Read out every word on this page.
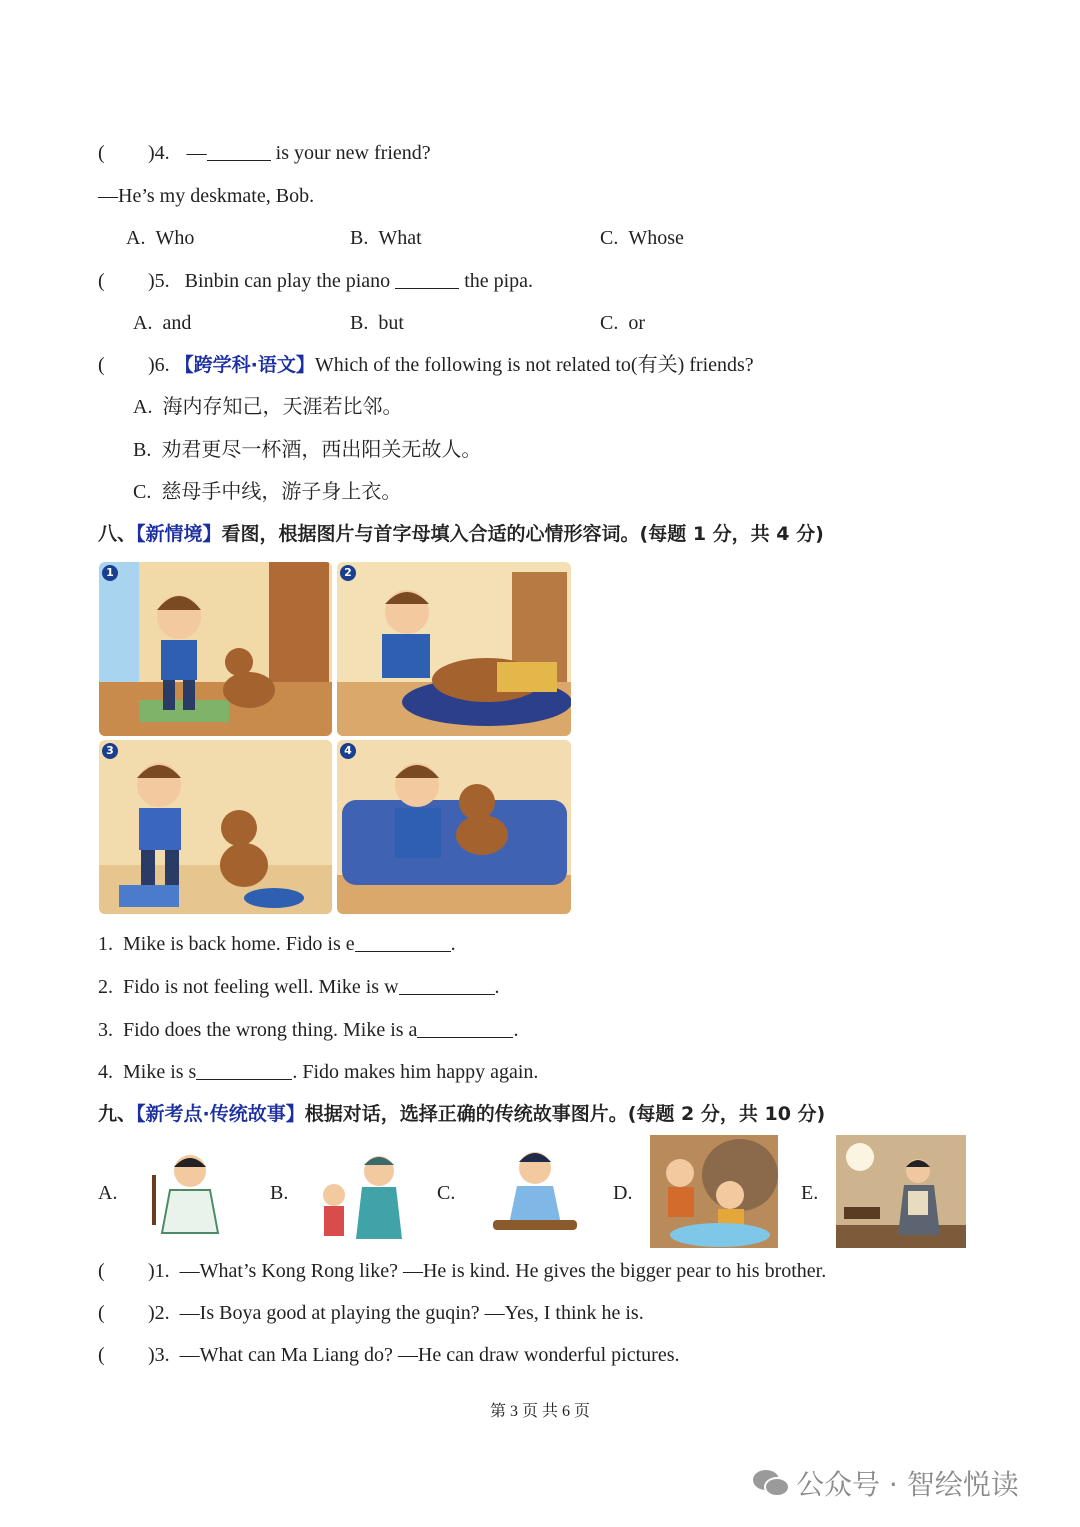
( )4. —	is your new friend?
—He’s my deskmate, Bob.
A. Who	B. What	C. Whose
( )5. Binbin can play the piano	the pipa.
A. and	B. but	C. or
( )6. 【跨学科·语文】Which of the following is not related to(有关) friends?
A. 海内存知己，天涯若比邻。
B. 劝君更尽一杯酒，西出阳关无故人。
C. 慈母手中线，游子身上衣。
八、【新情境】看图，根据图片与首字母填入合适的心情形容词。(每题 1 分，共 4 分)
1	2
3	4
1. Mike is back home. Fido is e	.
2. Fido is not feeling well. Mike is w	.
3. Fido does the wrong thing. Mike is a	.
4. Mike is s	. Fido makes him happy again.
九、【新考点·传统故事】根据对话，选择正确的传统故事图片。(每题 2 分，共 10 分)
A.	B.	C.	D.	E.
( )1. —What’s Kong Rong like? —He is kind. He gives the bigger pear to his brother.
( )2. —Is Boya good at playing the guqin? —Yes, I think he is.
( )3. —What can Ma Liang do? —He can draw wonderful pictures.
第 3 页 共 6 页
公众号 · 智绘悦读
